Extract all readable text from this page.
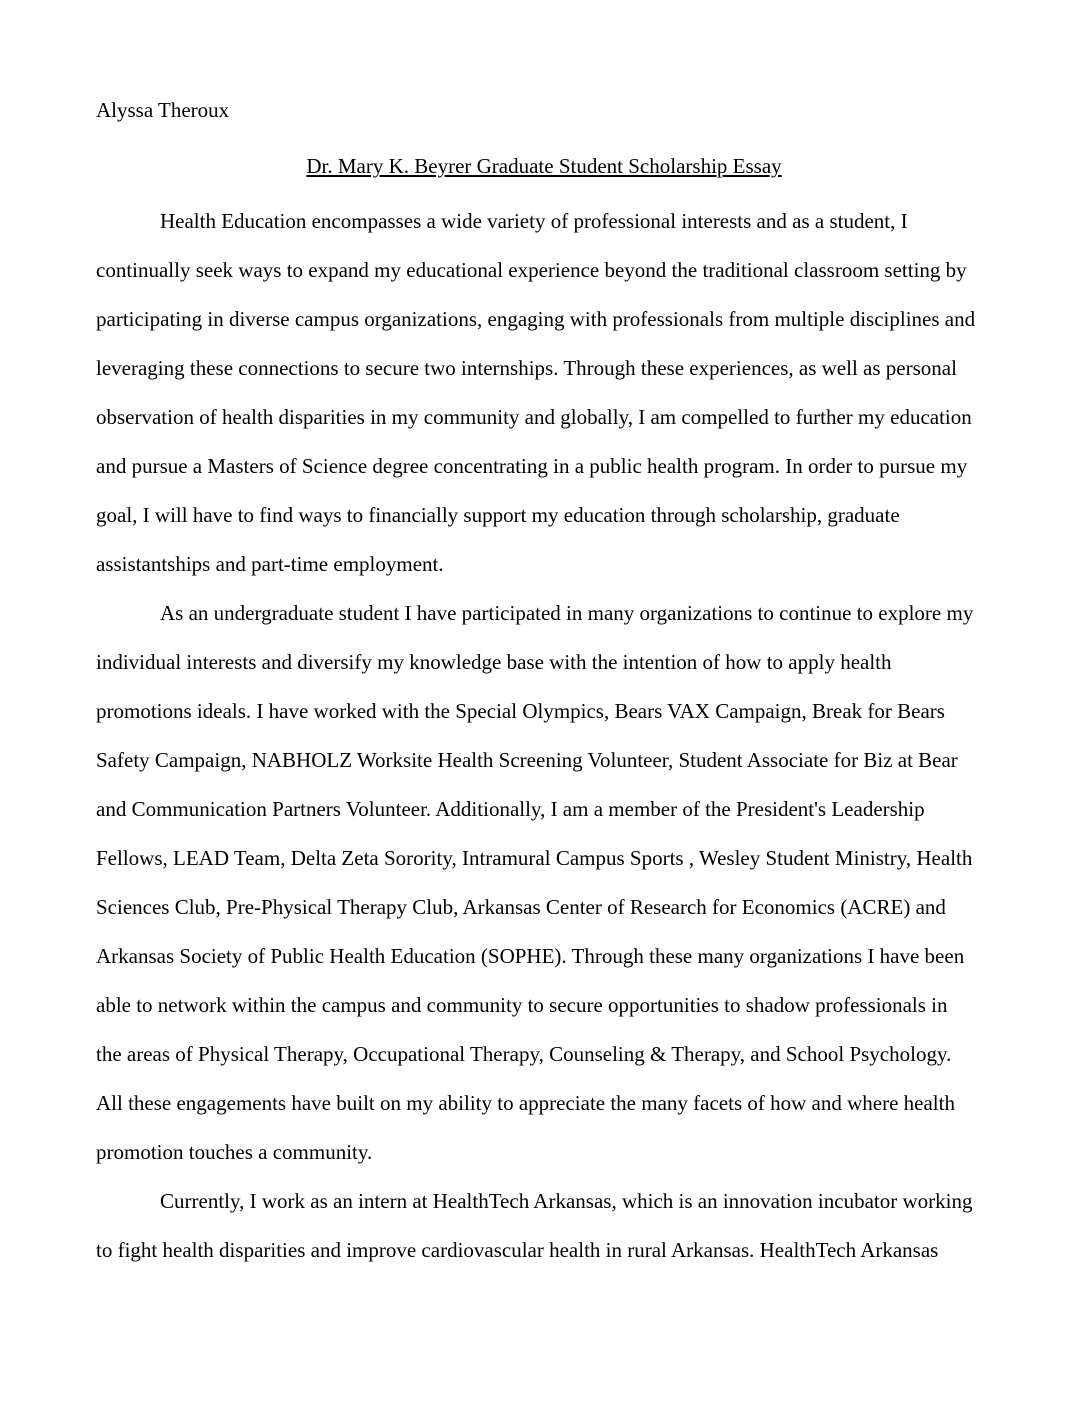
Alyssa Theroux

Dr. Mary K. Beyrer Graduate Student Scholarship Essay

Health Education encompasses a wide variety of professional interests and as a student, I
continually seek ways to expand my educational experience beyond the traditional classroom setting by
participating in diverse campus organizations, engaging with professionals from multiple disciplines and
leveraging these connections to secure two internships. Through these experiences, as well as personal
observation of health disparities in my community and globally, I am compelled to further my education
and pursue a Masters of Science degree concentrating in a public health program. In order to pursue my
goal, I will have to find ways to financially support my education through scholarship, graduate
assistantships and part-time employment.
As an undergraduate student I have participated in many organizations to continue to explore my
individual interests and diversify my knowledge base with the intention of how to apply health
promotions ideals. I have worked with the Special Olympics, Bears VAX Campaign, Break for Bears
Safety Campaign, NABHOLZ Worksite Health Screening Volunteer, Student Associate for Biz at Bear
and Communication Partners Volunteer. Additionally, I am a member of the President's Leadership
Fellows, LEAD Team, Delta Zeta Sorority, Intramural Campus Sports , Wesley Student Ministry, Health
Sciences Club, Pre-Physical Therapy Club, Arkansas Center of Research for Economics (ACRE) and
Arkansas Society of Public Health Education (SOPHE). Through these many organizations I have been
able to network within the campus and community to secure opportunities to shadow professionals in
the areas of Physical Therapy, Occupational Therapy, Counseling & Therapy, and School Psychology.
All these engagements have built on my ability to appreciate the many facets of how and where health
promotion touches a community.
Currently, I work as an intern at HealthTech Arkansas, which is an innovation incubator working
to fight health disparities and improve cardiovascular health in rural Arkansas. HealthTech Arkansas
